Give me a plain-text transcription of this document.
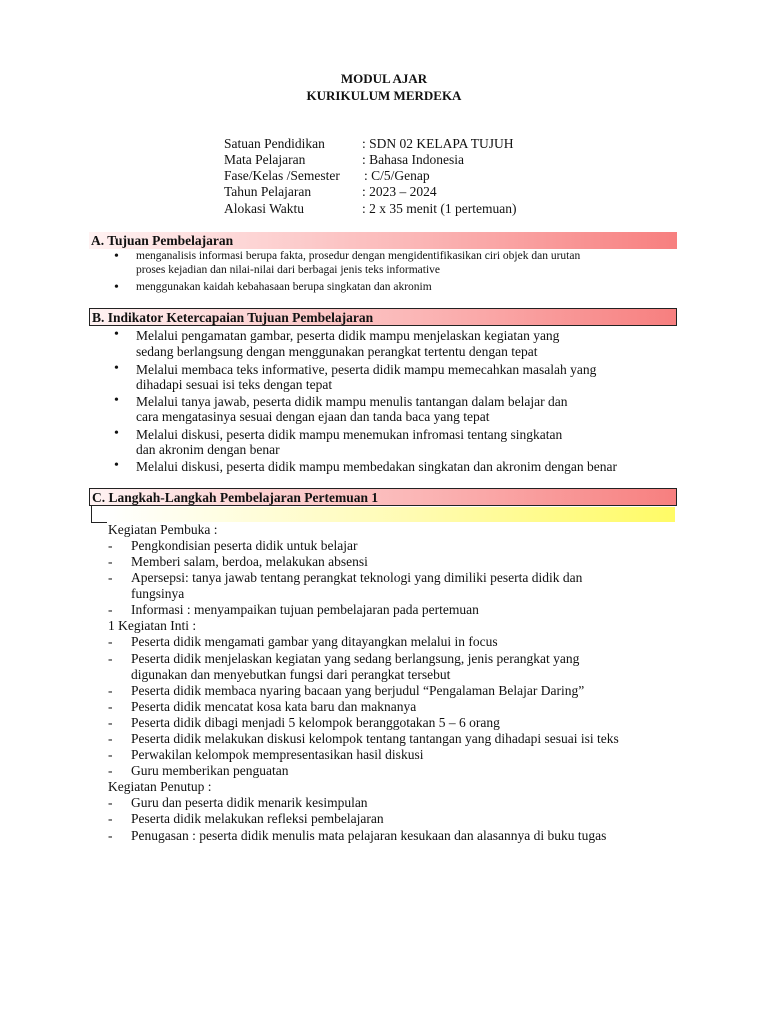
MODUL AJAR
KURIKULUM MERDEKA
Satuan Pendidikan	: SDN 02 KELAPA TUJUH
Mata Pelajaran	: Bahasa Indonesia
Fase/Kelas /Semester : C/5/Genap
Tahun Pelajaran	: 2023 – 2024
Alokasi Waktu	: 2 x 35 menit (1 pertemuan)
A. Tujuan Pembelajaran
• menganalisis informasi berupa fakta, prosedur dengan mengidentifikasikan ciri objek dan urutan
proses kejadian dan nilai-nilai dari berbagai jenis teks informative
• menggunakan kaidah kebahasaan berupa singkatan dan akronim
B. Indikator Ketercapaian Tujuan Pembelajaran
• Melalui pengamatan gambar, peserta didik mampu menjelaskan kegiatan yang
sedang berlangsung dengan menggunakan perangkat tertentu dengan tepat
• Melalui membaca teks informative, peserta didik mampu memecahkan masalah yang
dihadapi sesuai isi teks dengan tepat
• Melalui tanya jawab, peserta didik mampu menulis tantangan dalam belajar dan
cara mengatasinya sesuai dengan ejaan dan tanda baca yang tepat
• Melalui diskusi, peserta didik mampu menemukan infromasi tentang singkatan
dan akronim dengan benar
• Melalui diskusi, peserta didik mampu membedakan singkatan dan akronim dengan benar
C. Langkah-Langkah Pembelajaran Pertemuan 1
Kegiatan Pembuka :
- Pengkondisian peserta didik untuk belajar
- Memberi salam, berdoa, melakukan absensi
- Apersepsi: tanya jawab tentang perangkat teknologi yang dimiliki peserta didik dan
fungsinya
- Informasi : menyampaikan tujuan pembelajaran pada pertemuan
1 Kegiatan Inti :
- Peserta didik mengamati gambar yang ditayangkan melalui in focus
- Peserta didik menjelaskan kegiatan yang sedang berlangsung, jenis perangkat yang
digunakan dan menyebutkan fungsi dari perangkat tersebut
- Peserta didik membaca nyaring bacaan yang berjudul “Pengalaman Belajar Daring”
- Peserta didik mencatat kosa kata baru dan maknanya
- Peserta didik dibagi menjadi 5 kelompok beranggotakan 5 – 6 orang
- Peserta didik melakukan diskusi kelompok tentang tantangan yang dihadapi sesuai isi teks
- Perwakilan kelompok mempresentasikan hasil diskusi
- Guru memberikan penguatan
Kegiatan Penutup :
- Guru dan peserta didik menarik kesimpulan
- Peserta didik melakukan refleksi pembelajaran
- Penugasan : peserta didik menulis mata pelajaran kesukaan dan alasannya di buku tugas
